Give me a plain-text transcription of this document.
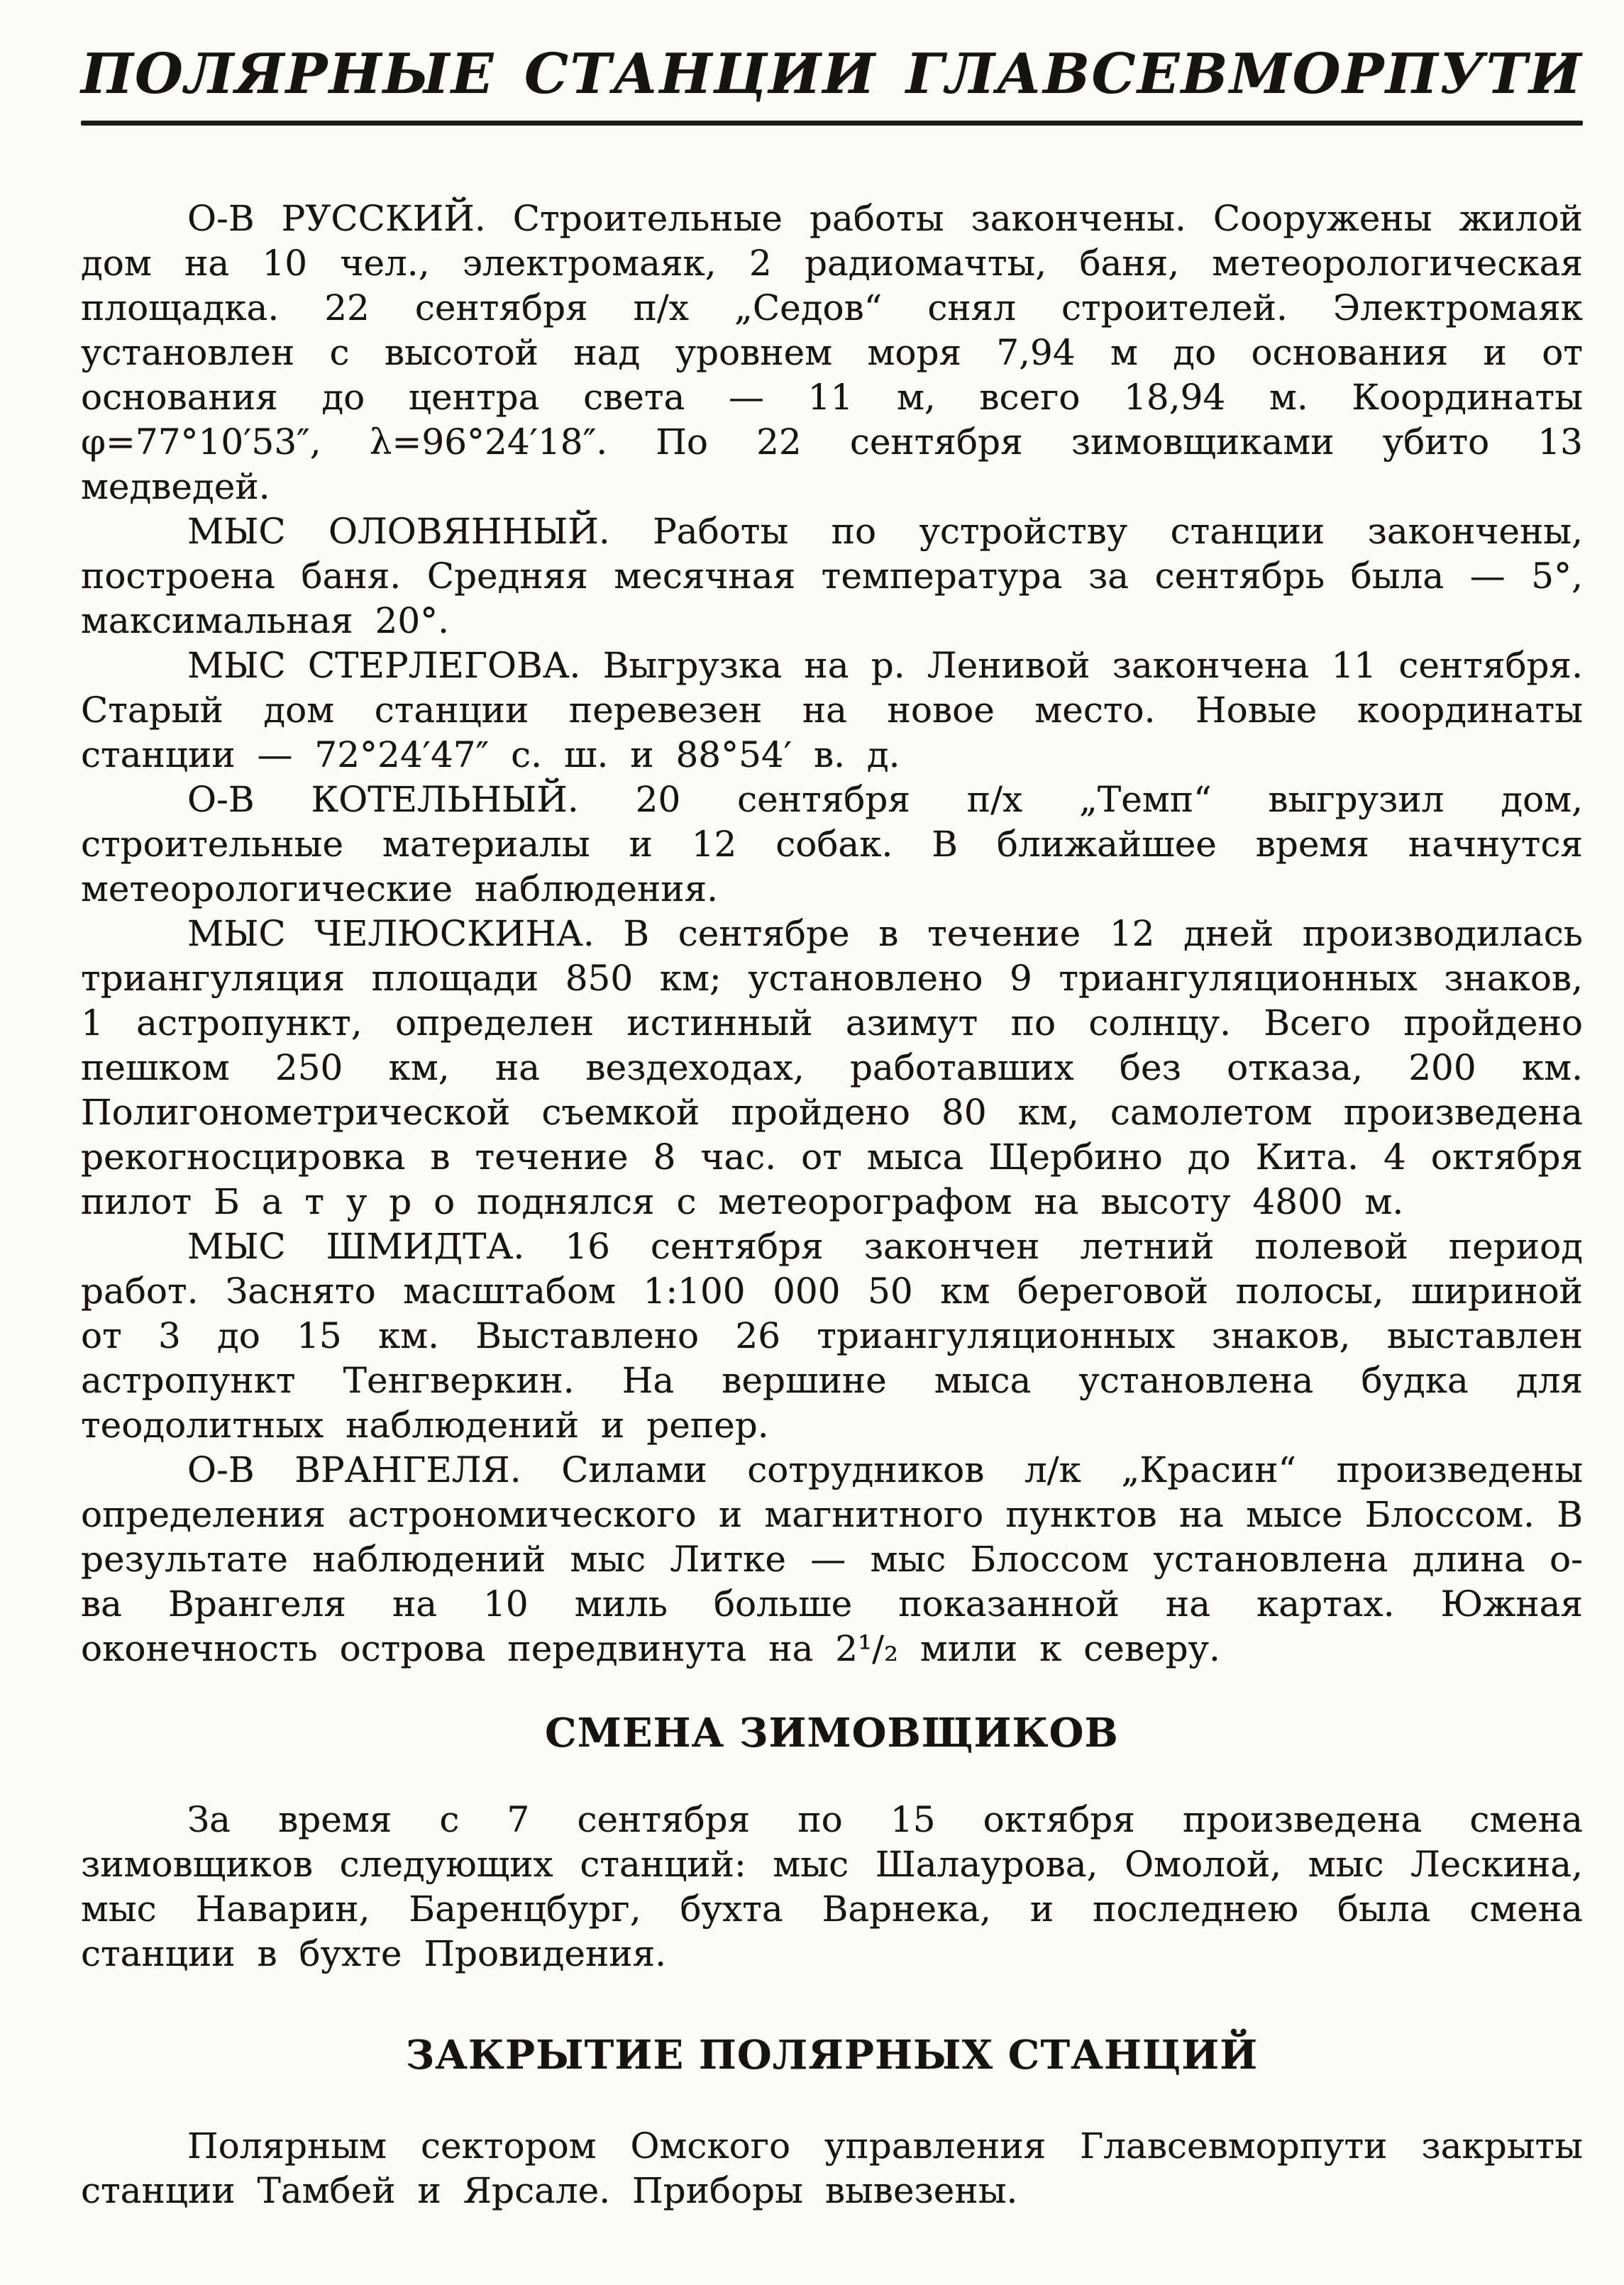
ПОЛЯРНЫЕ СТАНЦИИ ГЛАВСЕВМОРПУТИ

О-В РУССКИЙ. Строительные работы закончены. Сооружены жилой дом на 10 чел., электромаяк, 2 радиомачты, баня, метеорологическая площадка. 22 сентября п/х „Седов“ снял строителей. Электромаяк установлен с высотой над уровнем моря 7,94 м до основания и от основания до центра света — 11 м, всего 18,94 м. Координаты φ=77°10′53″, λ=96°24′18″. По 22 сентября зимовщиками убито 13 медведей.

МЫС ОЛОВЯННЫЙ. Работы по устройству станции закончены, построена баня. Средняя месячная температура за сентябрь была — 5°, максимальная 20°.

МЫС СТЕРЛЕГОВА. Выгрузка на р. Ленивой закончена 11 сентября. Старый дом станции перевезен на новое место. Новые координаты станции — 72°24′47″ с. ш. и 88°54′ в. д.

О-В КОТЕЛЬНЫЙ. 20 сентября п/х „Темп“ выгрузил дом, строительные материалы и 12 собак. В ближайшее время начнутся метеорологические наблюдения.

МЫС ЧЕЛЮСКИНА. В сентябре в течение 12 дней производилась триангуляция площади 850 км; установлено 9 триангуляционных знаков, 1 астропункт, определен истинный азимут по солнцу. Всего пройдено пешком 250 км, на вездеходах, работавших без отказа, 200 км. Полигонометрической съемкой пройдено 80 км, самолетом произведена рекогносцировка в течение 8 час. от мыса Щербино до Кита. 4 октября пилот Б а т у р о поднялся с метеорографом на высоту 4800 м.

МЫС ШМИДТА. 16 сентября закончен летний полевой период работ. Заснято масштабом 1:100 000 50 км береговой полосы, шириной от 3 до 15 км. Выставлено 26 триангуляционных знаков, выставлен астропункт Тенгверкин. На вершине мыса установлена будка для теодолитных наблюдений и репер.

О-В ВРАНГЕЛЯ. Силами сотрудников л/к „Красин“ произведены определения астрономического и магнитного пунктов на мысе Блоссом. В результате наблюдений мыс Литке — мыс Блоссом установлена длина о-ва Врангеля на 10 миль больше показанной на картах. Южная оконечность острова передвинута на 2¹/₂ мили к северу.

СМЕНА ЗИМОВЩИКОВ

За время с 7 сентября по 15 октября произведена смена зимовщиков следующих станций: мыс Шалаурова, Омолой, мыс Лескина, мыс Наварин, Баренцбург, бухта Варнека, и последнею была смена станции в бухте Провидения.

ЗАКРЫТИЕ ПОЛЯРНЫХ СТАНЦИЙ

Полярным сектором Омского управления Главсевморпути закрыты станции Тамбей и Ярсале. Приборы вывезены.
